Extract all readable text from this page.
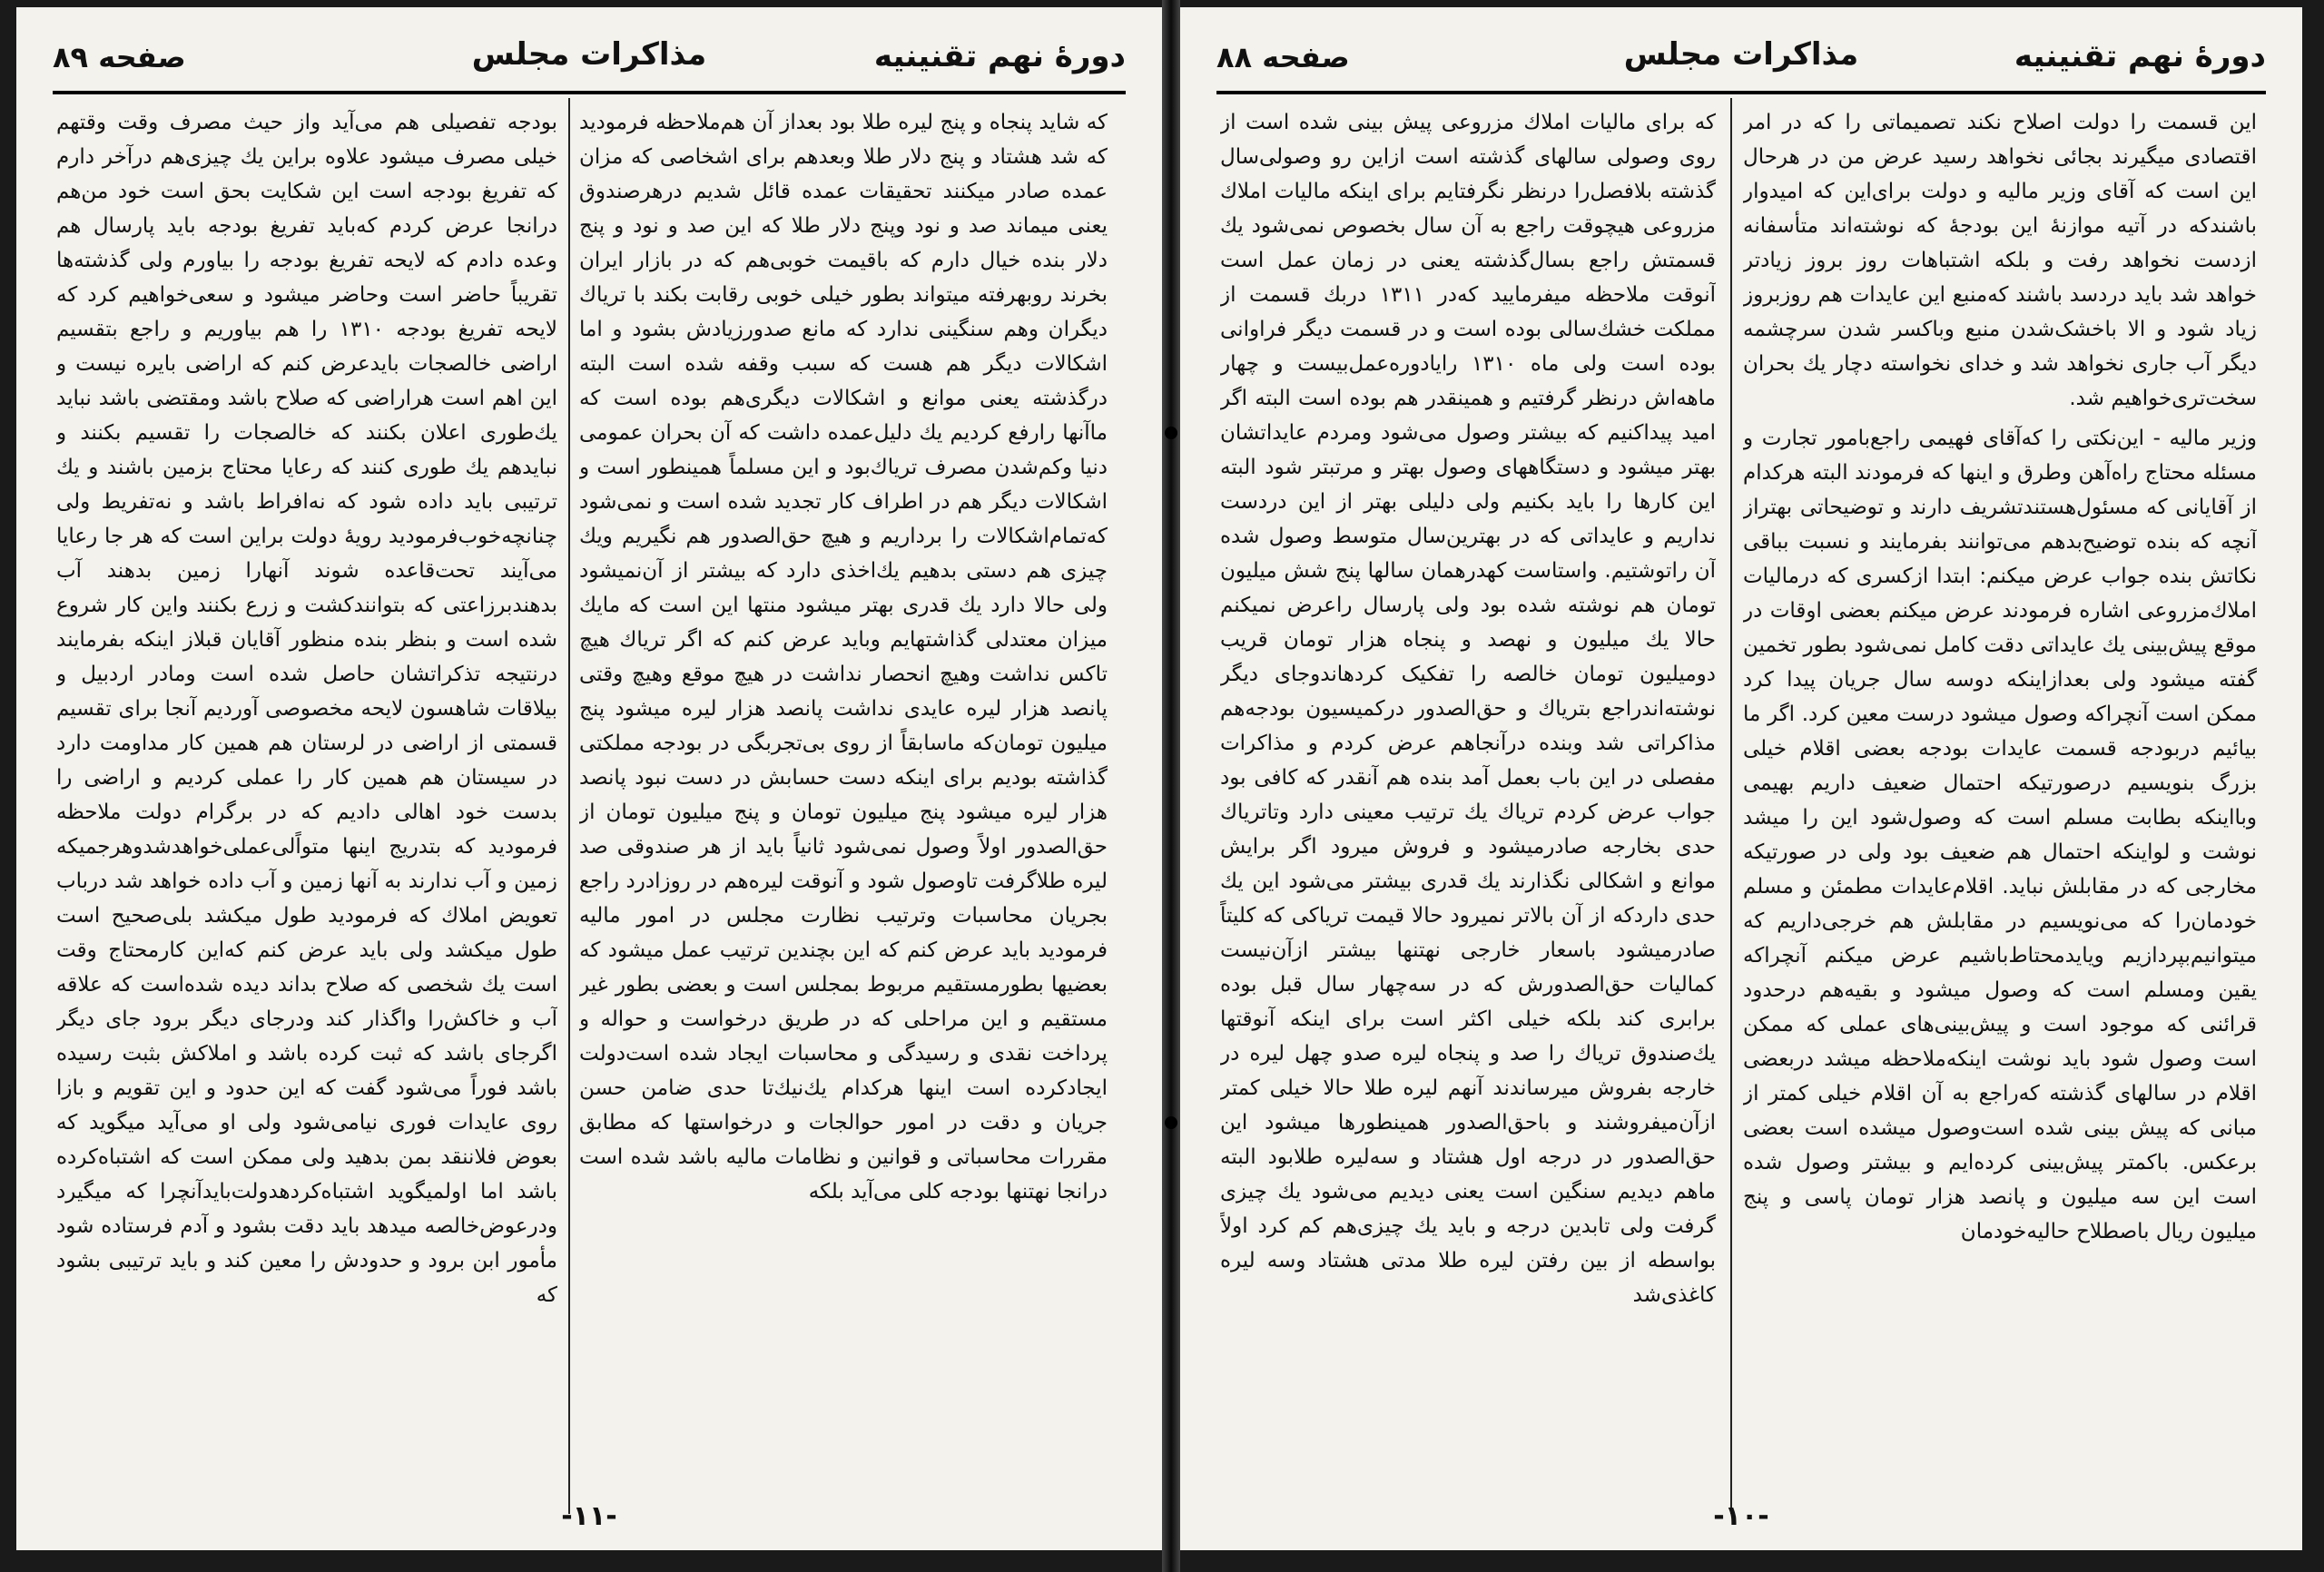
دورهٔ نهم تقنینیه
مذاکرات مجلس
صفحه ۸۹

که شاید پنجاه و پنج لیره طلا بود بعداز آن هم‌ملاحظه فرمودید که شد هشتاد و پنج دلار طلا وبعدهم برای اشخاصی که مزان عمده صادر میکنند تحقیقات عمده قائل شدیم درهرصندوق یعنی میماند صد و نود وپنج دلار طلا که این صد و نود و پنج دلار بنده خیال دارم که باقیمت خوبی‌هم که در بازار ایران بخرند روبهرفته میتواند بطور خیلی خوبی رقابت بکند با تریاك دیگران وهم سنگینی ندارد که مانع صدورزیادش بشود و اما اشکالات دیگر هم هست که سبب وقفه شده است البته درگذشته یعنی موانع و اشکالات دیگری‌هم بوده است که ماآنها رارفع کردیم یك دلیل‌عمده داشت که آن بحران عمومی دنیا وکم‌شدن مصرف تریاك‌بود و این مسلماً همینطور است و اشکالات دیگر هم در اطراف کار تجدید شده است و نمی‌شود که‌تمام‌اشکالات را برداریم و هیچ حق‌الصدور هم نگیریم ویك چیزی هم دستی بدهیم یك‌اخذی دارد که بیشتر از آن‌نمیشود ولی حالا دارد یك قدری بهتر میشود منتها این است که مایك میزان معتدلی گذاشتهایم وباید عرض کنم که اگر تریاك هیچ تاکس نداشت وهیچ انحصار نداشت در هیچ موقع وهیچ وقتی پانصد هزار لیره عایدی نداشت پانصد هزار لیره میشود پنج میلیون تومان‌که ماسابقاً از روی بی‌تجربگی در بودجه مملکتی گذاشته بودیم برای اینکه دست حسابش در دست نبود پانصد هزار لیره میشود پنج میلیون تومان و پنج میلیون تومان از حق‌الصدور اولاً وصول نمی‌شود ثانیاً باید از هر صندوقی صد لیره طلاگرفت تاوصول شود و آنوقت لیره‌هم در روزادرد راجع بجریان محاسبات وترتیب نظارت مجلس در امور مالیه فرمودید باید عرض کنم که این بچندین ترتیب عمل میشود که بعضیها بطورمستقیم مربوط بمجلس است و بعضی بطور غیر مستقیم و این مراحلی که در طریق درخواست و حواله و پرداخت نقدی و رسیدگی و محاسبات ایجاد شده است‌دولت ایجادکرده است اینها هرکدام یك‌نیك‌تا حدی ضامن حسن جریان و دقت در امور حوالجات و درخواستها که مطابق مقررات محاسباتی و قوانین و نظامات مالیه باشد شده است درانجا نهتنها بودجه کلی می‌آید بلکه

بودجه تفصیلی هم می‌آید واز حیث مصرف وقت وقتهم خیلی مصرف میشود علاوه براین یك چیزی‌هم درآخر دارم که تفریغ بودجه است این شکایت بحق است خود من‌هم درانجا عرض کردم که‌باید تفریغ بودجه باید پارسال هم وعده دادم که لایحه تفریغ بودجه را بیاورم ولی گذشته‌ها تقریباً حاضر است وحاضر میشود و سعی‌خواهیم کرد که لایحه تفریغ بودجه ۱۳۱۰ را هم بیاوریم و راجع بتقسیم اراضی خالصجات بایدعرض کنم که اراضی بایره نیست و این اهم است هراراضی که صلاح باشد ومقتضی باشد نباید یك‌طوری اعلان بکنند که خالصجات را تقسیم بکنند و نبایدهم یك طوری کنند که رعایا محتاج بزمین باشند و یك ترتیبی باید داده شود که نه‌افراط باشد و نه‌تفریط ولی چنانچه‌خوب‌فرمودید رویهٔ دولت براین است که هر جا رعایا می‌آیند تحت‌قاعده شوند آنهارا زمین بدهند آب بدهندبرزاعتی که بتوانندکشت و زرع بکنند واین کار شروع شده است و بنظر بنده منظور آقایان قبلاز اینکه بفرمایند درنتیجه تذکراتشان حاصل شده است ومادر اردبیل و بیلاقات شاهسون لایحه مخصوصی آوردیم آنجا برای تقسیم قسمتی از اراضی در لرستان هم همین کار مداومت دارد در سیستان هم همین کار را عملی کردیم و اراضی را بدست خود اهالی دادیم که در برگرام دولت ملاحظه فرمودید که بتدریج اینها متواًلی‌عملی‌خواهدشدوهرجمیکه زمین و آب ندارند به آنها زمین و آب داده خواهد شد درباب تعویض املاك که فرمودید طول میکشد بلی‌صحیح است طول میکشد ولی باید عرض کنم که‌این کارمحتاج وقت است یك شخصی که صلاح بداند دیده شده‌است که علاقه آب و خاکش‌را واگذار کند ودرجای دیگر برود جای دیگر اگرجای باشد که ثبت کرده باشد و املاکش بثبت رسیده باشد فوراً می‌شود گفت که این حدود و این تقویم و بازا روی عایدات فوری نیامی‌شود ولی او می‌آید میگوید که بعوض فلاننقد بمن بدهید ولی ممکن است که اشتباه‌کرده باشد اما اولمیگوید اشتباه‌کردهدولت‌بایدآنچرا که میگیرد ودرعوض‌خالصه میدهد باید دقت بشود و آدم فرستاده شود مأمور ابن برود و حدودش را معین کند و باید ترتیبی بشود که

-۱۱-
دورهٔ نهم تقنینیه
مذاکرات مجلس
صفحه ۸۸

این قسمت را دولت اصلاح نکند تصمیماتی را که در امر اقتصادی میگیرند بجائی نخواهد رسید عرض من در هرحال این است که آقای وزیر مالیه و دولت برای‌این که امیدوار باشندکه در آتیه موازنهٔ این بودجهٔ که نوشته‌اند متأسفانه ازدست نخواهد رفت و بلکه اشتباهات روز بروز زیادتر خواهد شد باید دردسد باشند که‌منبع این عایدات هم روزبروز زیاد شود و الا باخشک‌شدن منبع وبا‌کسر شدن سرچشمه دیگر آب جاری نخواهد شد و خدای نخواسته دچار یك بحران سخت‌تری‌خواهیم شد.

وزیر مالیه - این‌نکتی را که‌آقای فهیمی راجع‌بامور تجارت و مسئله محتاج راه‌آهن وطرق و اینها که فرمودند البته هرکدام از آقایانی که مسئول‌هستندتشریف دارند و توضیحاتی بهتراز آنچه که بنده توضیح‌بدهم می‌توانند بفرمایند و نسبت بباقی نکاتش بنده جواب عرض میکنم: ابتدا ازکسری که درمالیات املاك‌مزروعی اشاره فرمودند عرض میکنم بعضی اوقات در موقع پیش‌بینی یك عایداتی دقت کامل نمی‌شود بطور تخمین گفته میشود ولی بعدازاینکه دوسه سال جریان پیدا کرد ممکن است آنچراکه وصول میشود درست معین کرد. اگر ما بیائیم دربودجه قسمت عایدات بودجه بعضی اقلام خیلی بزرگ بنویسیم درصورتیکه احتمال ضعیف داریم بهیمی وبااینکه بطابت مسلم است که وصول‌شود این را میشد نوشت و لواینکه احتمال هم ضعیف بود ولی در صورتیکه مخارجی که در مقابلش نباید. اقلام‌عایدات مطمئن و مسلم خودمان‌را که می‌نویسیم در مقابلش هم خرجی‌داریم که میتوانیم‌بپردازیم ویایدمحتاط‌باشیم عرض میکنم آنچراکه یقین ومسلم است که وصول میشود و بقیه‌هم درحدود قرائنی که موجود است و پیش‌بینی‌های عملی که ممکن است وصول شود باید نوشت اینکه‌ملاحظه میشد دربعضی اقلام در سالهای گذشته که‌راجع به آن اقلام خیلی کمتر از مبانی که پیش بینی شده است‌وصول میشده است بعضی برعکس. باکمتر پیش‌بینی کرده‌ایم و بیشتر وصول شده است این سه میلیون و پانصد هزار تومان پاسی و پنج میلیون ریال باصطلاح حالیه‌خودمان

که برای مالیات املاك مزروعی پیش بینی شده است از روی وصولی سالهای گذشته است ازاین رو وصولی‌سال گذشته بلافصل‌را درنظر نگرفتایم برای اینکه مالیات املاك مزروعی هیچوقت راجع به آن سال بخصوص نمی‌شود یك قسمتش راجع بسال‌گذشته یعنی در زمان عمل است آنوقت ملاحظه میفرمایید که‌در ۱۳۱۱ دربك قسمت از مملکت خشك‌سالی بوده است و در قسمت دیگر فراوانی بوده است ولی ماه ۱۳۱۰ رایادوره‌عمل‌بیست و چهار ماهه‌اش درنظر گرفتیم و همینقدر هم بوده است البته اگر امید پیداکنیم که بیشتر وصول می‌شود ومردم عایداتشان بهتر میشود و دستگاههای وصول بهتر و مرتبتر شود البته این کارها را باید بکنیم ولی دلیلی بهتر از این دردست نداریم و عایداتی که در بهترین‌سال متوسط وصول شده آن راتوشتیم. واستاست کهدرهمان سالها پنج شش میلیون تومان هم نوشته شده بود ولی پارسال راعرض نمیکنم حالا یك میلیون و نهصد و پنجاه هزار تومان قریب دومیلیون تومان خالصه را تفکیک کردهاند‌وجای دیگر نوشته‌اند‌راجع بتریاك و حق‌الصدور درکمیسیون بودجه‌هم مذاکراتی شد وبنده درآنجاهم عرض کردم و مذاکرات مفصلی در این باب بعمل آمد بنده هم آنقدر که کافی بود جواب عرض کردم تریاك یك ترتیب معینی دارد وتاتریاك حدی بخارجه صادرمیشود و فروش میرود اگر برایش موانع و اشکالی نگذارند یك قدری بیشتر می‌شود این یك حدی داردکه از آن بالاتر نمیرود حالا قیمت تریاکی که کلیتاً صادرمیشود باسعار خارجی نهتنها بیشتر ازآن‌نیست کمالیات حق‌الصدورش که در سه‌چهار سال قبل بوده برابری کند بلکه خیلی اکثر است برای اینکه آنوقتها یك‌صندوق تریاك را صد و پنجاه لیره صدو چهل لیره در خارجه بفروش میرساندند آنهم لیره طلا حالا خیلی کمتر ازآن‌میفروشند و باحق‌الصدور همینطورها میشود این حق‌الصدور در درجه اول هشتاد و سه‌لیره طلابود البته ماهم دیدیم سنگین است یعنی دیدیم می‌شود یك چیزی گرفت ولی تابدین درجه و باید یك چیزی‌هم کم کرد اولاً بواسطه از بین رفتن لیره طلا مدتی هشتاد وسه لیره کاغذی‌شد

-۱۰-
